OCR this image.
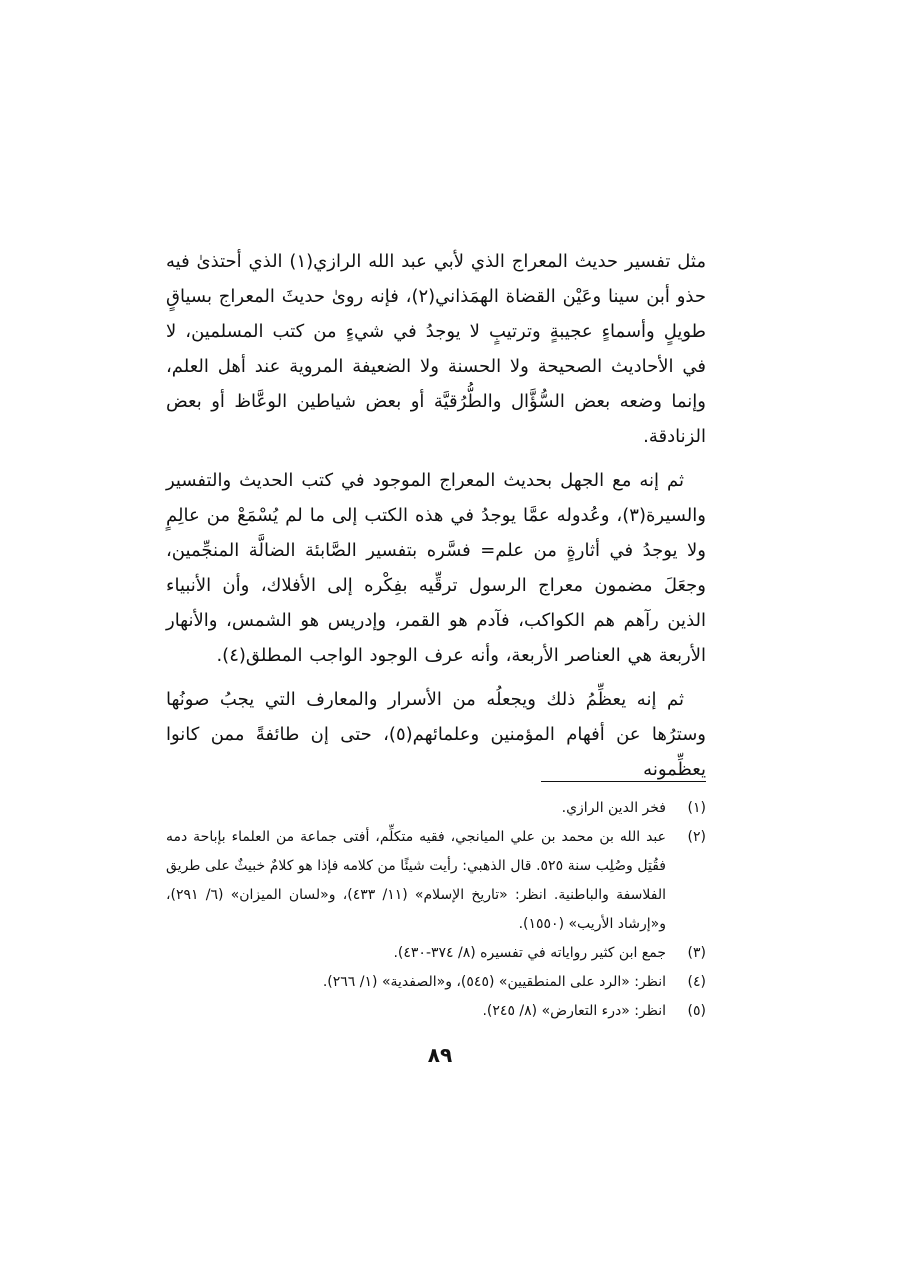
مثل تفسير حديث المعراج الذي لأبي عبد الله الرازي(١) الذي أحتذىٰ فيه حذو أبن سينا وعَيْن القضاة الهمَذاني(٢)، فإنه روىٰ حديثَ المعراج بسياقٍ طويلٍ وأسماءٍ عجيبةٍ وترتيبٍ لا يوجدُ في شيءٍ من كتب المسلمين، لا في الأحاديث الصحيحة ولا الحسنة ولا الضعيفة المروية عند أهل العلم، وإنما وضعه بعض السُّؤَّال والطُّرُقيَّة أو بعض شياطين الوعَّاظ أو بعض الزنادقة.

ثم إنه مع الجهل بحديث المعراج الموجود في كتب الحديث والتفسير والسيرة(٣)، وعُدوله عمَّا يوجدُ في هذه الكتب إلى ما لم يُسْمَعْ من عالِمٍ ولا يوجدُ في أثارةٍ من علم= فسَّره بتفسير الصَّابئة الضالَّة المنجِّمين، وجعَلَ مضمون معراج الرسول ترقِّيه بفِكْره إلى الأفلاك، وأن الأنبياء الذين رآهم هم الكواكب، فآدم هو القمر، وإدريس هو الشمس، والأنهار الأربعة هي العناصر الأربعة، وأنه عرف الوجود الواجب المطلق(٤).

ثم إنه يعظِّمُ ذلك ويجعلُه من الأسرار والمعارف التي يجبُ صونُها وسترُها عن أفهام المؤمنين وعلمائهم(٥)، حتى إن طائفةً ممن كانوا يعظِّمونه

(١)
فخر الدين الرازي.
(٢)
عبد الله بن محمد بن علي الميانجي، فقيه متكلِّم، أفتى جماعة من العلماء بإباحة دمه فقُتِل وصُلِب سنة ٥٢٥. قال الذهبي: رأيت شيئًا من كلامه فإذا هو كلامٌ خبيثٌ على طريق الفلاسفة والباطنية. انظر: «تاريخ الإسلام» (١١/ ٤٣٣)، و«لسان الميزان» (٦/ ٢٩١)، و«إرشاد الأريب» (١٥٥٠).
(٣)
جمع ابن كثير رواياته في تفسيره (٨/ ٣٧٤-٤٣٠).
(٤)
انظر: «الرد على المنطقيين» (٥٤٥)، و«الصفدية» (١/ ٢٦٦).
(٥)
انظر: «درء التعارض» (٨/ ٢٤٥).
٨٩
